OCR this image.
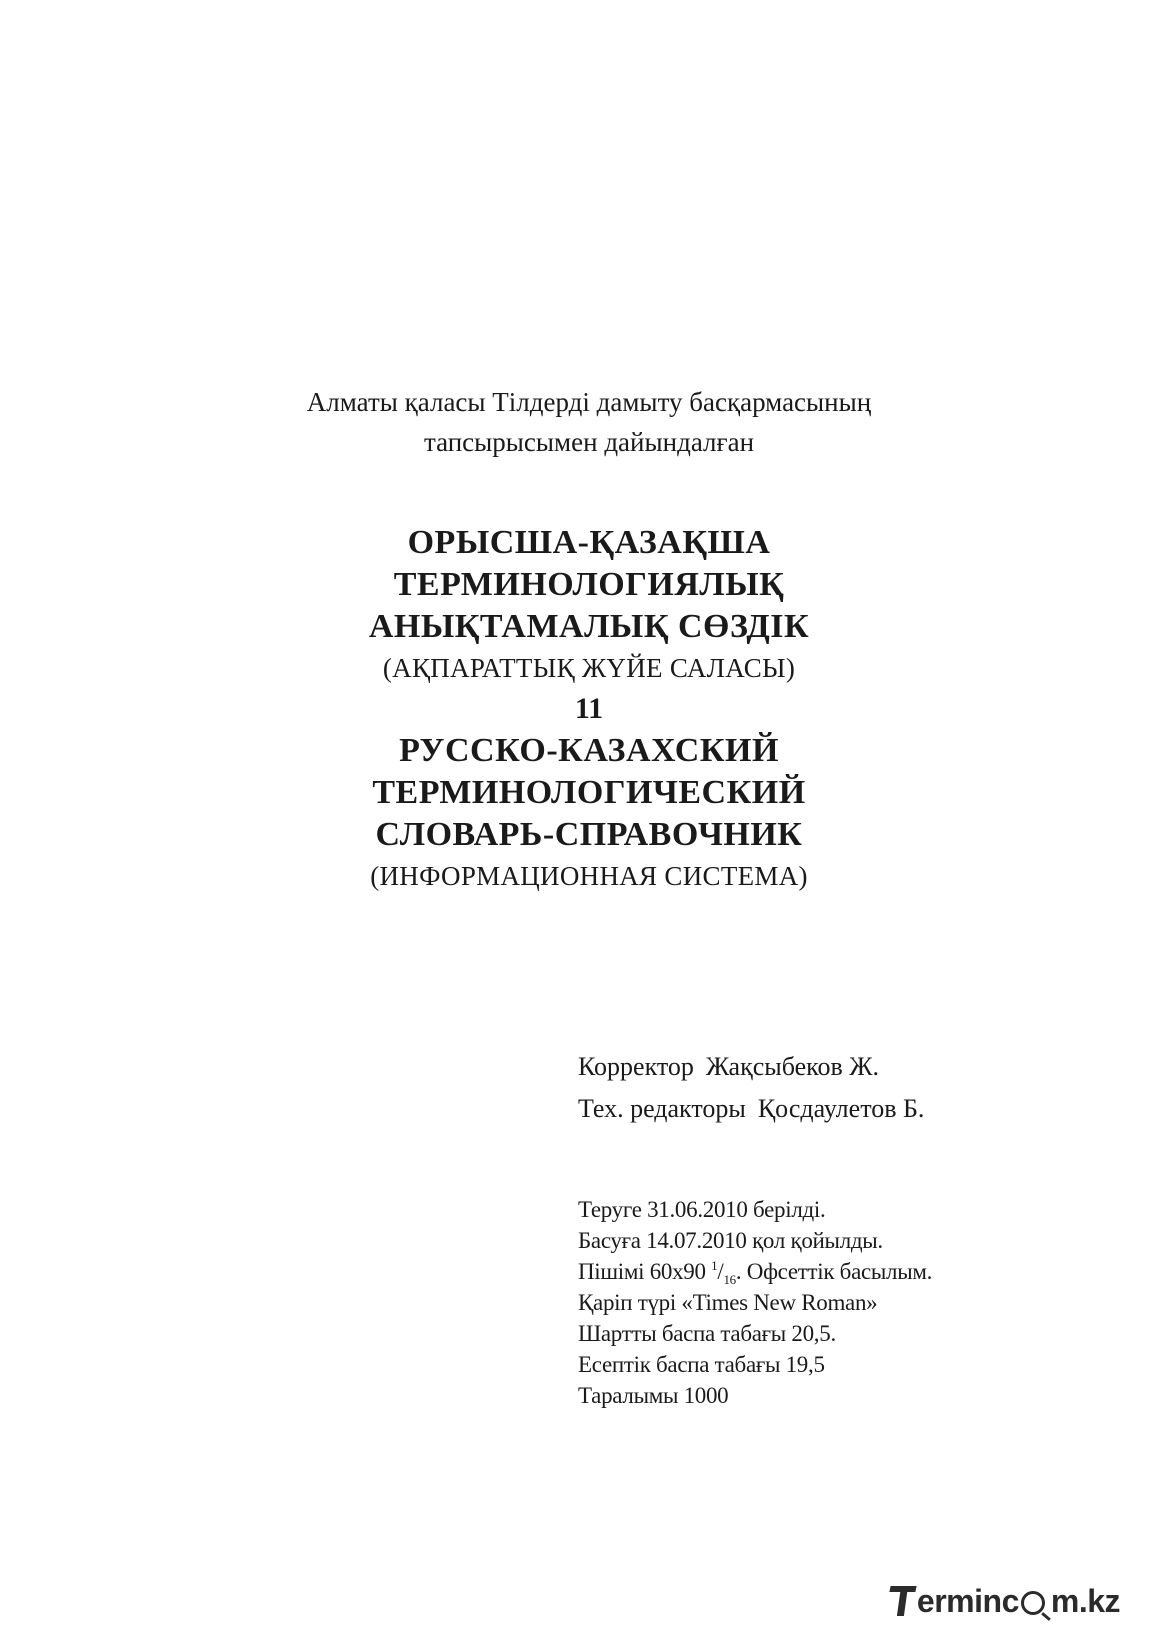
Алматы қаласы Тілдерді дамыту басқармасының
тапсырысымен дайындалған
ОРЫСША-ҚАЗАҚША
ТЕРМИНОЛОГИЯЛЫҚ
АНЫҚТАМАЛЫҚ СӨЗДІК
(АҚПАРАТТЫҚ ЖҮЙЕ САЛАСЫ)
11
РУССКО-КАЗАХСКИЙ
ТЕРМИНОЛОГИЧЕСКИЙ
СЛОВАРЬ-СПРАВОЧНИК
(ИНФОРМАЦИОННАЯ СИСТЕМА)
Корректор Жақсыбеков Ж.
Тех. редакторы Қосдаулетов Б.
Теруге 31.06.2010 берілді.
Басуға 14.07.2010 қол қойылды.
Пішімі 60х90 $^1/_{16}$. Офсеттік басылым.
Қаріп түрі «Times New Roman»
Шартты баспа табағы 20,5.
Есептік баспа табағы 19,5
Таралымы 1000
erminc m.kz
